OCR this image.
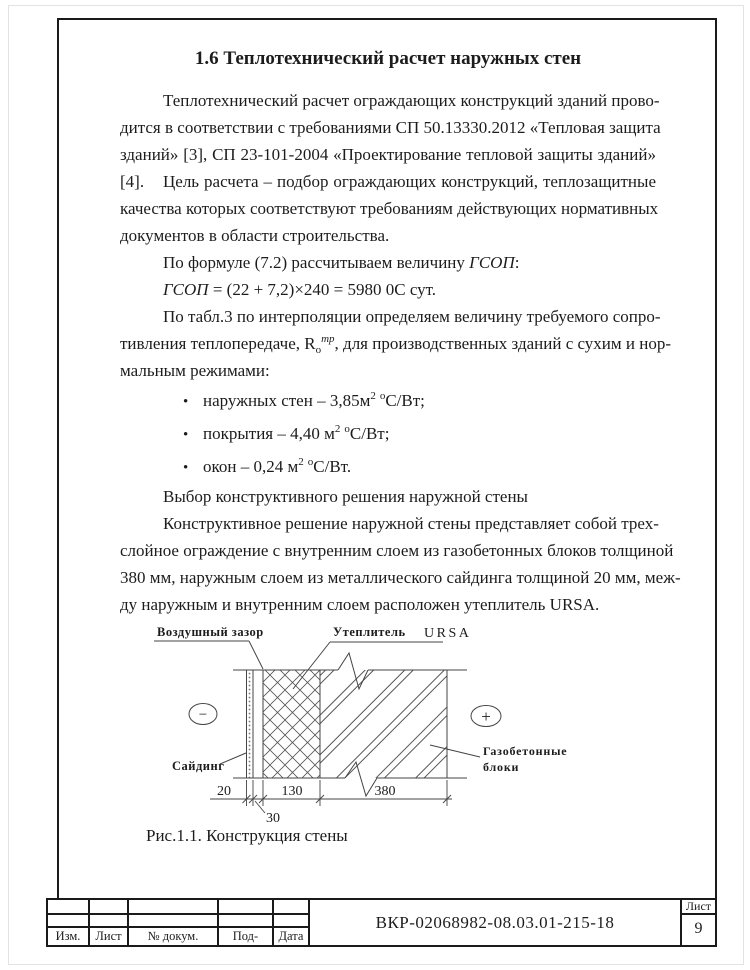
1.6 Теплотехнический расчет наружных стен
Теплотехнический расчет ограждающих конструкций зданий прово-
дится в соответствии с требованиями СП 50.13330.2012 «Тепловая защита
зданий» [3], СП 23-101-2004 «Проектирование тепловой защиты зданий» [4].	Цель расчета – подбор ограждающих конструкций, теплозащитные
качества которых соответствуют требованиям действующих нормативных
документов в области строительства.
По формуле (7.2) рассчитываем величину ГСОП:
ГСОП = (22 + 7,2)×240 = 5980 0С сут.
По табл.3 по интерполяции определяем величину требуемого сопро-
тивления теплопередаче, $R_о^{тр}$, для производственных зданий с сухим и нор-
мальным режимами:
• наружных стен – $3,85м^2$ $^о$С/Вт;
• покрытия – 4,40 $м^2$ $^о$С/Вт;
• окон – 0,24 $м^2$ $^о$С/Вт.
Выбор конструктивного решения наружной стены
Конструктивное решение наружной стены представляет собой трех-
слойное ограждение с внутренним слоем из газобетонных блоков толщиной
380 мм, наружным слоем из металлического сайдинга толщиной 20 мм, меж-
ду наружным и внутренним слоем расположен утеплитель URSA.
20	130	380
30
−	+
Воздушный зазор	Утеплитель URSA
Сайдинг
Газобетонные
блоки
Рис.1.1. Конструкция стены
Изм.	Лист	№ докум.	Под-	Дата
ВКР-02068982-08.03.01-215-18
Лист
9
